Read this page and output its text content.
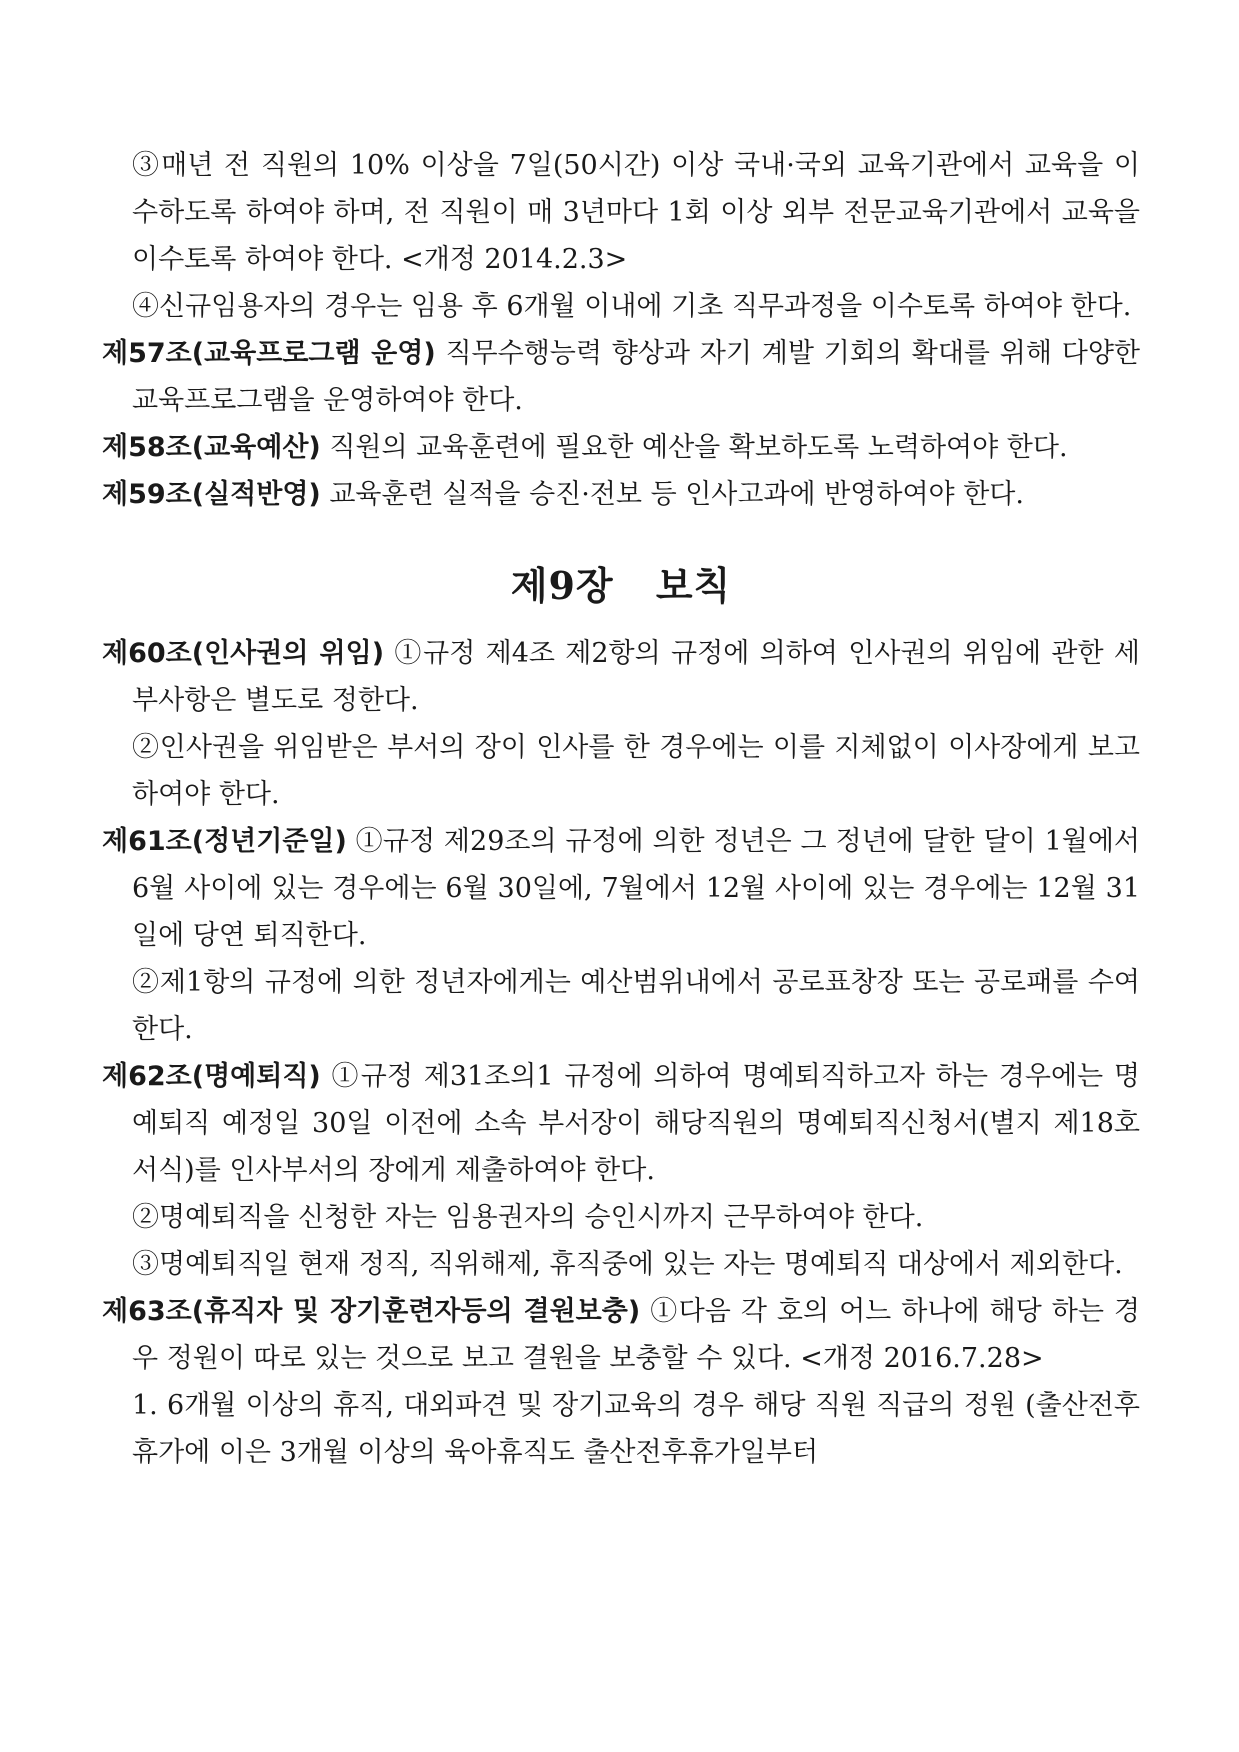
③매년 전 직원의 10% 이상을 7일(50시간) 이상 국내·국외 교육기관에서 교육을 이수하도록 하여야 하며, 전 직원이 매 3년마다 1회 이상 외부 전문교육기관에서 교육을 이수토록 하여야 한다. <개정 2014.2.3>

④신규임용자의 경우는 임용 후 6개월 이내에 기초 직무과정을 이수토록 하여야 한다.

제57조(교육프로그램 운영) 직무수행능력 향상과 자기 계발 기회의 확대를 위해 다양한 교육프로그램을 운영하여야 한다.

제58조(교육예산) 직원의 교육훈련에 필요한 예산을 확보하도록 노력하여야 한다.

제59조(실적반영) 교육훈련 실적을 승진·전보 등 인사고과에 반영하여야 한다.

제9장 보칙

제60조(인사권의 위임) ①규정 제4조 제2항의 규정에 의하여 인사권의 위임에 관한 세부사항은 별도로 정한다.

②인사권을 위임받은 부서의 장이 인사를 한 경우에는 이를 지체없이 이사장에게 보고하여야 한다.

제61조(정년기준일) ①규정 제29조의 규정에 의한 정년은 그 정년에 달한 달이 1월에서 6월 사이에 있는 경우에는 6월 30일에, 7월에서 12월 사이에 있는 경우에는 12월 31일에 당연 퇴직한다.

②제1항의 규정에 의한 정년자에게는 예산범위내에서 공로표창장 또는 공로패를 수여한다.

제62조(명예퇴직) ①규정 제31조의1 규정에 의하여 명예퇴직하고자 하는 경우에는 명예퇴직 예정일 30일 이전에 소속 부서장이 해당직원의 명예퇴직신청서(별지 제18호 서식)를 인사부서의 장에게 제출하여야 한다.

②명예퇴직을 신청한 자는 임용권자의 승인시까지 근무하여야 한다.

③명예퇴직일 현재 정직, 직위해제, 휴직중에 있는 자는 명예퇴직 대상에서 제외한다.

제63조(휴직자 및 장기훈련자등의 결원보충) ①다음 각 호의 어느 하나에 해당 하는 경우 정원이 따로 있는 것으로 보고 결원을 보충할 수 있다. <개정 2016.7.28>

1. 6개월 이상의 휴직, 대외파견 및 장기교육의 경우 해당 직원 직급의 정원 (출산전후휴가에 이은 3개월 이상의 육아휴직도 출산전후휴가일부터
